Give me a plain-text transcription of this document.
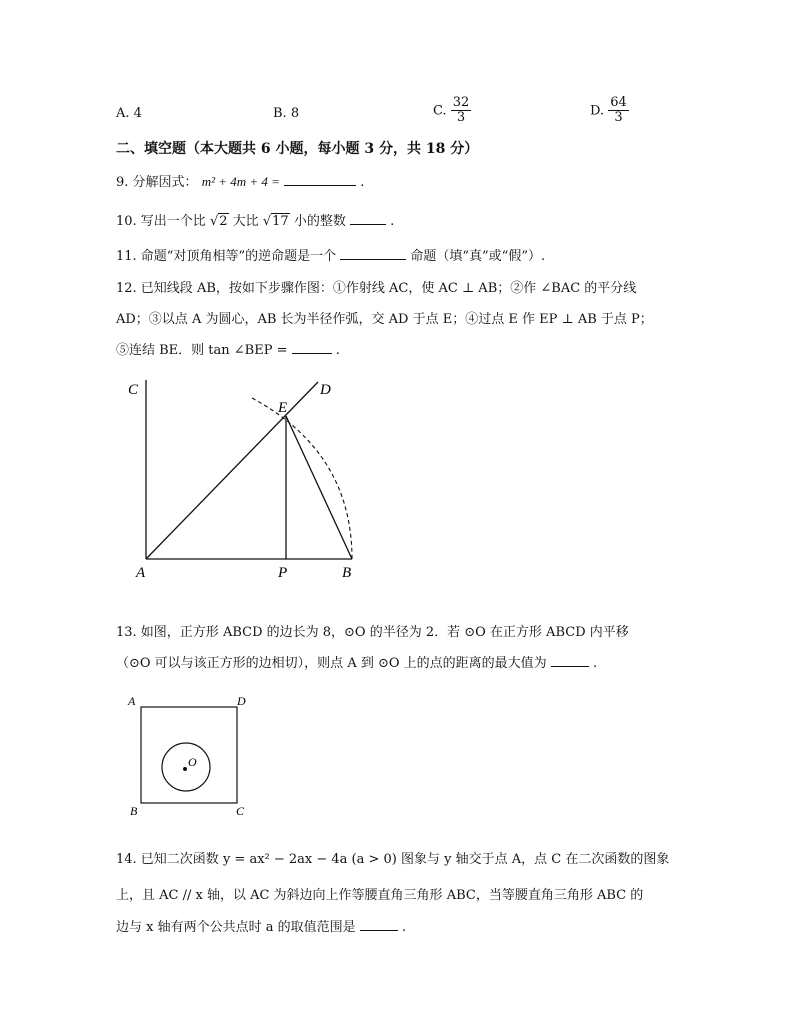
A. 4	B. 8	C. $\frac{32}{3}$	D. $\frac{64}{3}$
二、填空题（本大题共 6 小题，每小题 3 分，共 18 分）
9. 分解因式： m² + 4m + 4 =	.
10. 写出一个比 √2 大比 √17 小的整数	.
11. 命题“对顶角相等”的逆命题是一个	命题（填“真”或“假”）.
12. 已知线段 AB，按如下步骤作图：①作射线 AC，使 AC ⊥ AB；②作 ∠BAC 的平分线
AD；③以点 A 为圆心，AB 长为半径作弧，交 AD 于点 E；④过点 E 作 EP ⊥ AB 于点 P；
⑤连结 BE．则 tan ∠BEP =	.
C	D
E
A	P	B
13. 如图，正方形 ABCD 的边长为 8，⊙O 的半径为 2．若 ⊙O 在正方形 ABCD 内平移
（⊙O 可以与该正方形的边相切），则点 A 到 ⊙O 上的点的距离的最大值为	.
A	D
B	C
O
14. 已知二次函数 y = ax² − 2ax − 4a (a > 0) 图象与 y 轴交于点 A，点 C 在二次函数的图象
上，且 AC // x 轴，以 AC 为斜边向上作等腰直角三角形 ABC，当等腰直角三角形 ABC 的
边与 x 轴有两个公共点时 a 的取值范围是	.
